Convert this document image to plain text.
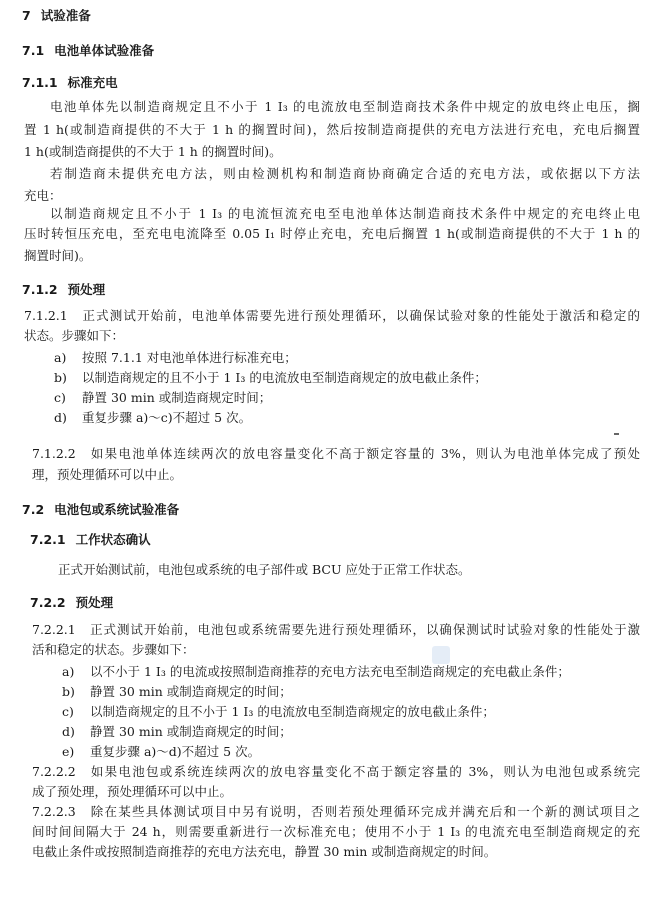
7 试验准备
7.1 电池单体试验准备
7.1.1 标准充电
电池单体先以制造商规定且不小于 1 I₃ 的电流放电至制造商技术条件中规定的放电终止电压，搁
置 1 h(或制造商提供的不大于 1 h 的搁置时间)，然后按制造商提供的充电方法进行充电，充电后搁置
1 h(或制造商提供的不大于 1 h 的搁置时间)。
若制造商未提供充电方法，则由检测机构和制造商协商确定合适的充电方法，或依据以下方法
充电：
以制造商规定且不小于 1 I₃ 的电流恒流充电至电池单体达制造商技术条件中规定的充电终止电
压时转恒压充电，至充电电流降至 0.05 I₁ 时停止充电，充电后搁置 1 h(或制造商提供的不大于 1 h 的
搁置时间)。
7.1.2 预处理
7.1.2.1　正式测试开始前，电池单体需要先进行预处理循环，以确保试验对象的性能处于激活和稳定的
状态。步骤如下：
a) 按照 7.1.1 对电池单体进行标准充电；
b) 以制造商规定的且不小于 1 I₃ 的电流放电至制造商规定的放电截止条件；
c) 静置 30 min 或制造商规定时间；
d) 重复步骤 a)～c)不超过 5 次。
7.1.2.2　如果电池单体连续两次的放电容量变化不高于额定容量的 3%，则认为电池单体完成了预处
理，预处理循环可以中止。
7.2 电池包或系统试验准备
7.2.1 工作状态确认
正式开始测试前，电池包或系统的电子部件或 BCU 应处于正常工作状态。
7.2.2 预处理
7.2.2.1　正式测试开始前，电池包或系统需要先进行预处理循环，以确保测试时试验对象的性能处于激
活和稳定的状态。步骤如下：
a) 以不小于 1 I₃ 的电流或按照制造商推荐的充电方法充电至制造商规定的充电截止条件；
b) 静置 30 min 或制造商规定的时间；
c) 以制造商规定的且不小于 1 I₃ 的电流放电至制造商规定的放电截止条件；
d) 静置 30 min 或制造商规定的时间；
e) 重复步骤 a)～d)不超过 5 次。
7.2.2.2　如果电池包或系统连续两次的放电容量变化不高于额定容量的 3%，则认为电池包或系统完
成了预处理，预处理循环可以中止。
7.2.2.3　除在某些具体测试项目中另有说明，否则若预处理循环完成并满充后和一个新的测试项目之
间时间间隔大于 24 h，则需要重新进行一次标准充电；使用不小于 1 I₃ 的电流充电至制造商规定的充
电截止条件或按照制造商推荐的充电方法充电，静置 30 min 或制造商规定的时间。
